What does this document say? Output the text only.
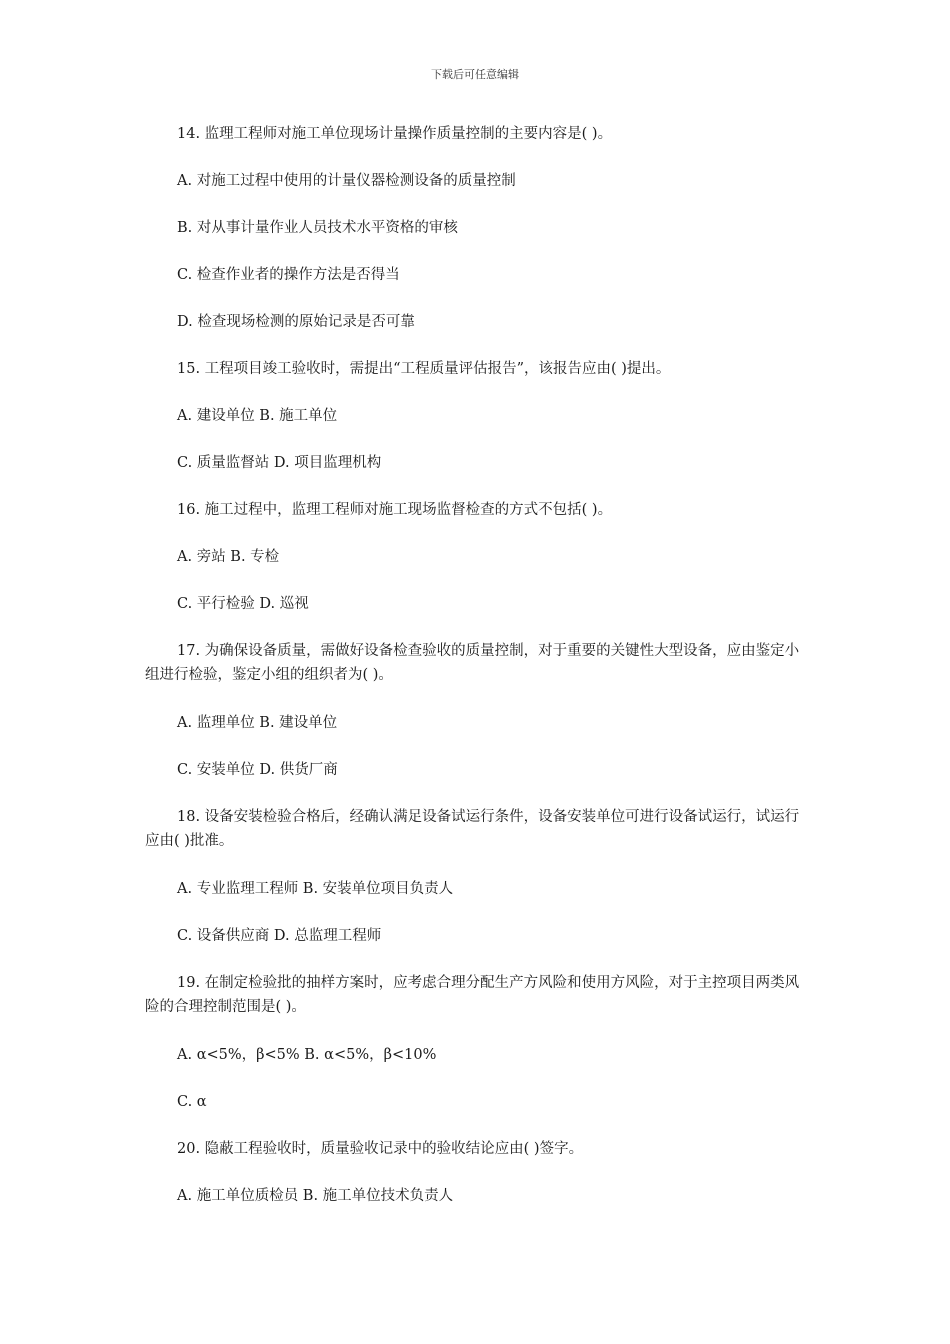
下载后可任意编辑

14. 监理工程师对施工单位现场计量操作质量控制的主要内容是( )。

A. 对施工过程中使用的计量仪器检测设备的质量控制

B. 对从事计量作业人员技术水平资格的审核

C. 检查作业者的操作方法是否得当

D. 检查现场检测的原始记录是否可靠

15. 工程项目竣工验收时，需提出“工程质量评估报告”，该报告应由( )提出。

A. 建设单位 B. 施工单位

C. 质量监督站 D. 项目监理机构

16. 施工过程中，监理工程师对施工现场监督检查的方式不包括( )。

A. 旁站 B. 专检

C. 平行检验 D. 巡视

17. 为确保设备质量，需做好设备检查验收的质量控制，对于重要的关键性大型设备，应由鉴定小组进行检验，鉴定小组的组织者为( )。

A. 监理单位 B. 建设单位

C. 安装单位 D. 供货厂商

18. 设备安装检验合格后，经确认满足设备试运行条件，设备安装单位可进行设备试运行，试运行应由( )批准。

A. 专业监理工程师 B. 安装单位项目负责人

C. 设备供应商 D. 总监理工程师

19. 在制定检验批的抽样方案时，应考虑合理分配生产方风险和使用方风险，对于主控项目两类风险的合理控制范围是( )。

A. α<5%，β<5% B. α<5%，β<10%

C. α

20. 隐蔽工程验收时，质量验收记录中的验收结论应由( )签字。

A. 施工单位质检员 B. 施工单位技术负责人
